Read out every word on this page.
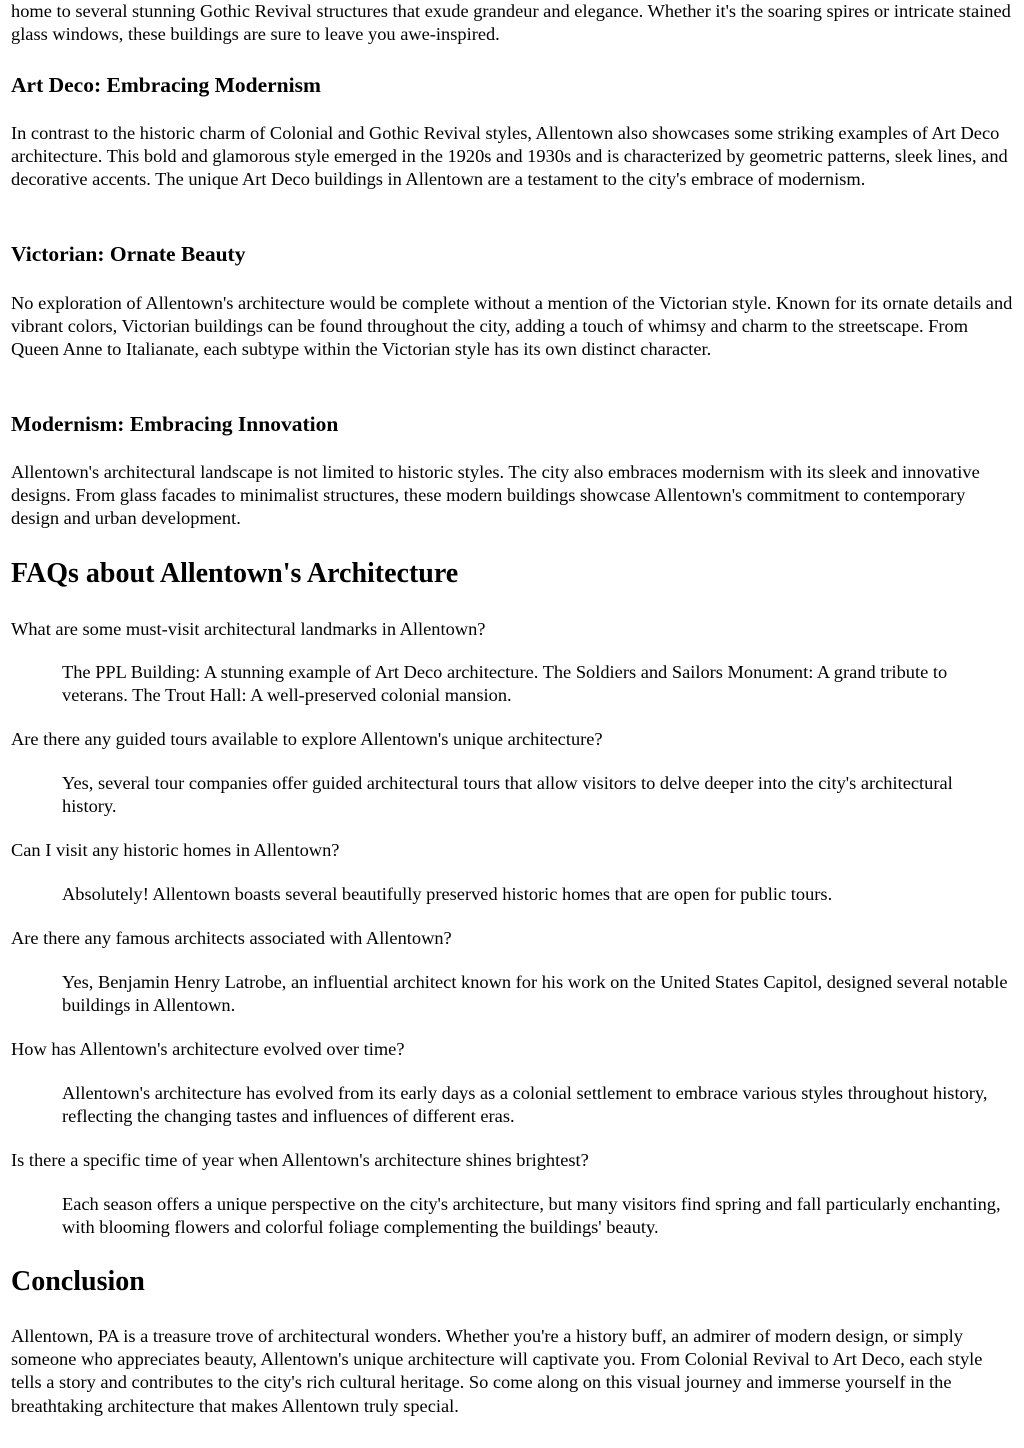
home to several stunning Gothic Revival structures that exude grandeur and elegance. Whether it's the soaring spires or intricate stained glass windows, these buildings are sure to leave you awe-inspired.

Art Deco: Embracing Modernism

In contrast to the historic charm of Colonial and Gothic Revival styles, Allentown also showcases some striking examples of Art Deco architecture. This bold and glamorous style emerged in the 1920s and 1930s and is characterized by geometric patterns, sleek lines, and decorative accents. The unique Art Deco buildings in Allentown are a testament to the city's embrace of modernism.

Victorian: Ornate Beauty

No exploration of Allentown's architecture would be complete without a mention of the Victorian style. Known for its ornate details and vibrant colors, Victorian buildings can be found throughout the city, adding a touch of whimsy and charm to the streetscape. From Queen Anne to Italianate, each subtype within the Victorian style has its own distinct character.

Modernism: Embracing Innovation

Allentown's architectural landscape is not limited to historic styles. The city also embraces modernism with its sleek and innovative designs. From glass facades to minimalist structures, these modern buildings showcase Allentown's commitment to contemporary design and urban development.

FAQs about Allentown's Architecture

What are some must-visit architectural landmarks in Allentown?

The PPL Building: A stunning example of Art Deco architecture. The Soldiers and Sailors Monument: A grand tribute to veterans. The Trout Hall: A well-preserved colonial mansion.

Are there any guided tours available to explore Allentown's unique architecture?

Yes, several tour companies offer guided architectural tours that allow visitors to delve deeper into the city's architectural history.

Can I visit any historic homes in Allentown?

Absolutely! Allentown boasts several beautifully preserved historic homes that are open for public tours.

Are there any famous architects associated with Allentown?

Yes, Benjamin Henry Latrobe, an influential architect known for his work on the United States Capitol, designed several notable buildings in Allentown.

How has Allentown's architecture evolved over time?

Allentown's architecture has evolved from its early days as a colonial settlement to embrace various styles throughout history, reflecting the changing tastes and influences of different eras.

Is there a specific time of year when Allentown's architecture shines brightest?

Each season offers a unique perspective on the city's architecture, but many visitors find spring and fall particularly enchanting, with blooming flowers and colorful foliage complementing the buildings' beauty.

Conclusion

Allentown, PA is a treasure trove of architectural wonders. Whether you're a history buff, an admirer of modern design, or simply someone who appreciates beauty, Allentown's unique architecture will captivate you. From Colonial Revival to Art Deco, each style tells a story and contributes to the city's rich cultural heritage. So come along on this visual journey and immerse yourself in the breathtaking architecture that makes Allentown truly special.
